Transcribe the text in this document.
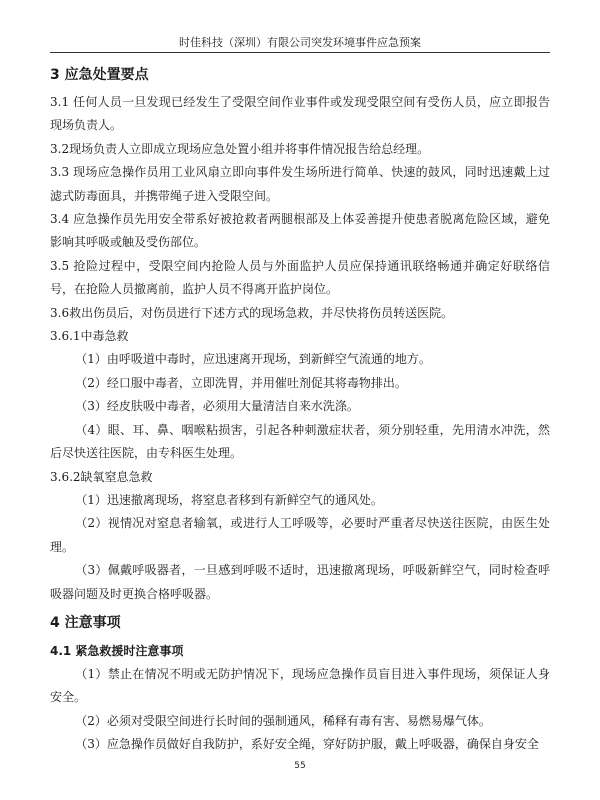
时佳科技（深圳）有限公司突发环境事件应急预案
3 应急处置要点

3.1 任何人员一旦发现已经发生了受限空间作业事件或发现受限空间有受伤人员，应立即报告现场负责人。

3.2现场负责人立即成立现场应急处置小组并将事件情况报告给总经理。

3.3 现场应急操作员用工业风扇立即向事件发生场所进行简单、快速的鼓风，同时迅速戴上过滤式防毒面具，并携带绳子进入受限空间。

3.4 应急操作员先用安全带系好被抢救者两腿根部及上体妥善提升使患者脱离危险区域，避免影响其呼吸或触及受伤部位。

3.5 抢险过程中，受限空间内抢险人员与外面监护人员应保持通讯联络畅通并确定好联络信号，在抢险人员撤离前，监护人员不得离开监护岗位。

3.6救出伤员后，对伤员进行下述方式的现场急救，并尽快将伤员转送医院。

3.6.1中毒急救

（1）由呼吸道中毒时，应迅速离开现场，到新鲜空气流通的地方。

（2）经口服中毒者，立即洗胃，并用催吐剂促其将毒物排出。

（3）经皮肤吸中毒者，必须用大量清洁自来水洗涤。

（4）眼、耳、鼻、咽喉粘损害，引起各种刺激症状者，须分别轻重，先用清水冲洗，然后尽快送往医院，由专科医生处理。

3.6.2缺氧窒息急救

（1）迅速撤离现场，将窒息者移到有新鲜空气的通风处。

（2）视情况对窒息者输氧，或进行人工呼吸等，必要时严重者尽快送往医院，由医生处理。

（3）佩戴呼吸器者，一旦感到呼吸不适时，迅速撤离现场，呼吸新鲜空气，同时检查呼吸器问题及时更换合格呼吸器。

4 注意事项
4.1 紧急救援时注意事项

（1）禁止在情况不明或无防护情况下，现场应急操作员盲目进入事件现场，须保证人身安全。

（2）必须对受限空间进行长时间的强制通风，稀释有毒有害、易燃易爆气体。

（3）应急操作员做好自我防护，系好安全绳，穿好防护服，戴上呼吸器，确保自身安全

55
